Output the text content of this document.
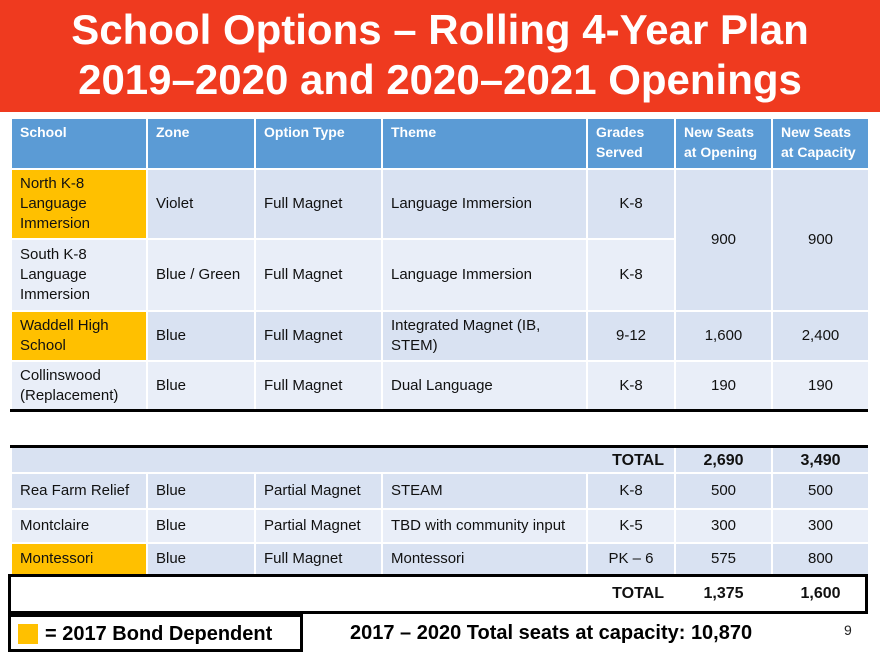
School Options – Rolling 4-Year Plan
2019–2020 and 2020–2021 Openings
School	Zone	Option Type	Theme	Grades Served	New Seats at Opening	New Seats at Capacity
North K-8 Language Immersion	Violet	Full Magnet	Language Immersion	K-8	900	900
South K-8 Language Immersion	Blue / Green	Full Magnet	Language Immersion	K-8		
Waddell High School	Blue	Full Magnet	Integrated Magnet (IB, STEM)	9-12	1,600	2,400
Collinswood (Replacement)	Blue	Full Magnet	Dual Language	K-8	190	190

TOTAL					2,690	3,490
Rea Farm Relief	Blue	Partial Magnet	STEAM	K-8	500	500
Montclaire	Blue	Partial Magnet	TBD with community input	K-5	300	300
Montessori	Blue	Full Magnet	Montessori	PK – 6	575	800
TOTAL					1,375	1,600
= 2017 Bond Dependent	2017 – 2020 Total seats at capacity: 10,870	9
